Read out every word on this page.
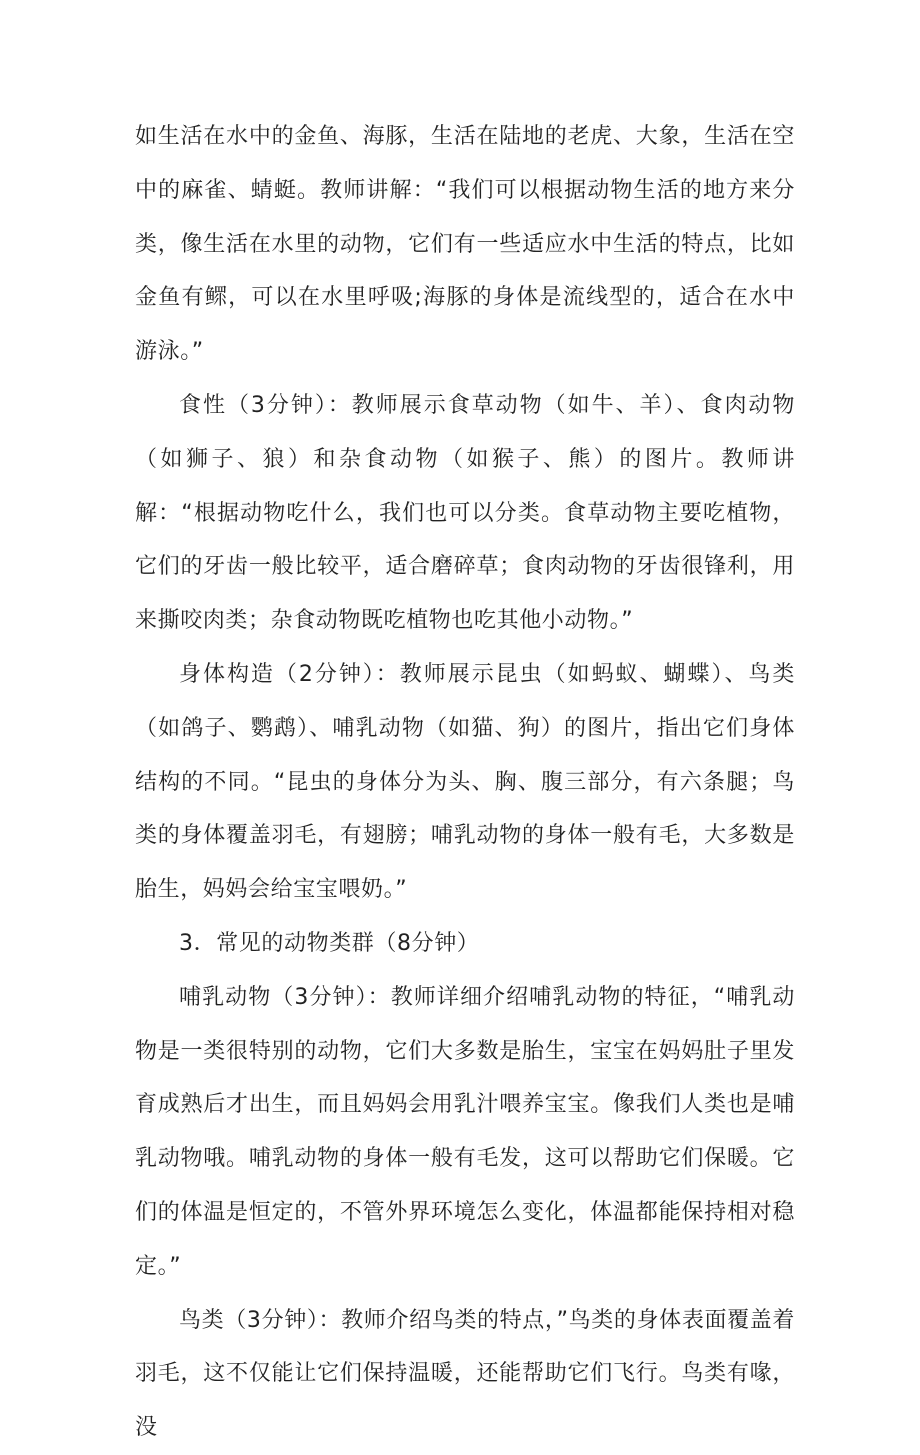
如生活在水中的金鱼、海豚，生活在陆地的老虎、大象，生活在空中的麻雀、蜻蜓。教师讲解：“我们可以根据动物生活的地方来分类，像生活在水里的动物，它们有一些适应水中生活的特点，比如金鱼有鳏，可以在水里呼吸;海豚的身体是流线型的，适合在水中游泳。”

食性（3分钟）：教师展示食草动物（如牛、羊）、食肉动物（如狮子、狼）和杂食动物（如猴子、熊）的图片。教师讲解：“根据动物吃什么，我们也可以分类。食草动物主要吃植物，它们的牙齿一般比较平，适合磨碎草；食肉动物的牙齿很锋利，用来撕咬肉类；杂食动物既吃植物也吃其他小动物。”

身体构造（2分钟）：教师展示昆虫（如蚂蚁、蝴蝶）、鸟类（如鸽子、鹦鹉）、哺乳动物（如猫、狗）的图片，指出它们身体结构的不同。“昆虫的身体分为头、胸、腹三部分，有六条腿；鸟类的身体覆盖羽毛，有翅膀；哺乳动物的身体一般有毛，大多数是胎生，妈妈会给宝宝喂奶。”

3．常见的动物类群（8分钟）

哺乳动物（3分钟）：教师详细介绍哺乳动物的特征，“哺乳动物是一类很特别的动物，它们大多数是胎生，宝宝在妈妈肚子里发育成熟后才出生，而且妈妈会用乳汁喂养宝宝。像我们人类也是哺乳动物哦。哺乳动物的身体一般有毛发，这可以帮助它们保暖。它们的体温是恒定的，不管外界环境怎么变化，体温都能保持相对稳定。”

鸟类（3分钟）：教师介绍鸟类的特点，”鸟类的身体表面覆盖着羽毛，这不仅能让它们保持温暖，还能帮助它们飞行。鸟类有喙，没
